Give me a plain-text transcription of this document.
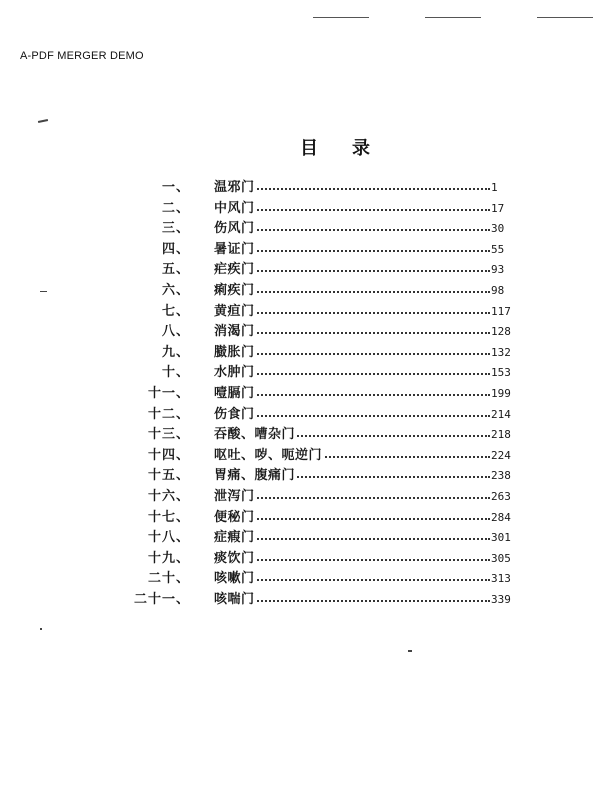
A-PDF MERGER DEMO
目录
一、 温邪门	1
二、 中风门	17
三、 伤风门	30
四、 暑证门	55
五、 疟疾门	93
六、 痢疾门	98
七、 黄疸门	117
八、 消渴门	128
九、 臌胀门	132
十、 水肿门	153
十一、 噎膈门	199
十二、 伤食门	214
十三、 吞酸、嘈杂门	218
十四、 呕吐、哕、呃逆门	224
十五、 胃痛、腹痛门	238
十六、 泄泻门	263
十七、 便秘门	284
十八、 症瘕门	301
十九、 痰饮门	305
二十、 咳嗽门	313
二十一、 咳喘门	339
